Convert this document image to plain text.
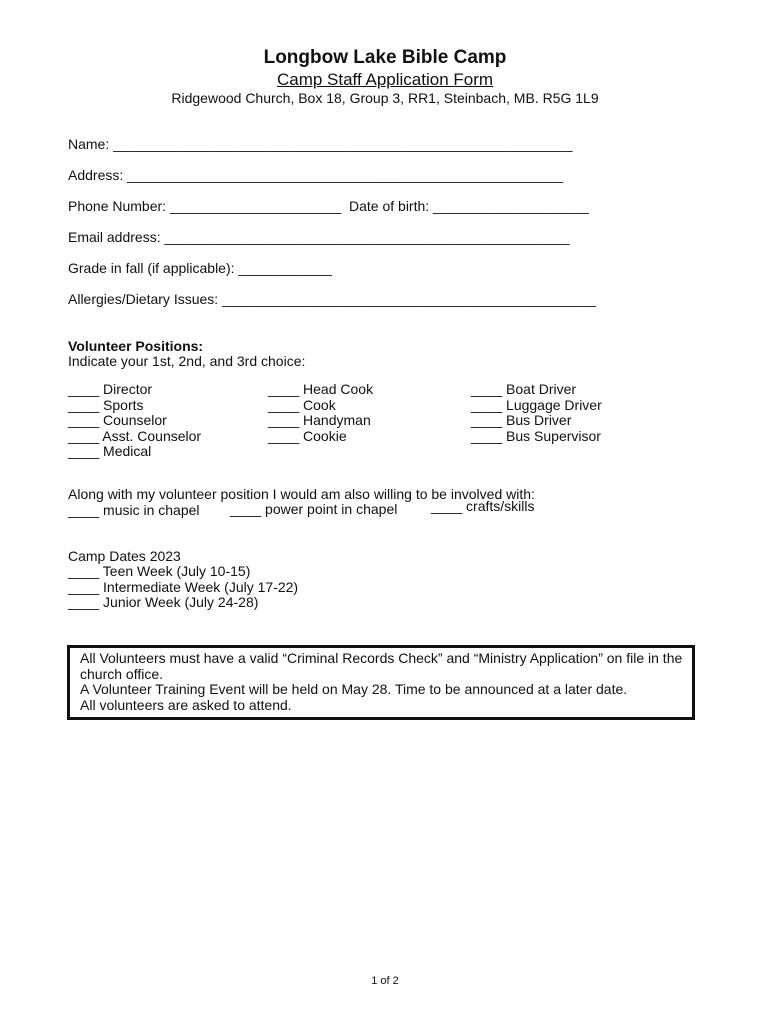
Longbow Lake Bible Camp
Camp Staff Application Form
Ridgewood Church, Box 18, Group 3, RR1, Steinbach, MB. R5G 1L9
Name: ___________________________________________________________
Address: ________________________________________________________
Phone Number: ______________________ Date of birth: ____________________
Email address: ____________________________________________________
Grade in fall (if applicable): ____________
Allergies/Dietary Issues: ________________________________________________
Volunteer Positions:
Indicate your 1st, 2nd, and 3rd choice:
____ Director
____ Sports
____ Counselor
____ Asst. Counselor
____ Medical
____ Head Cook
____ Cook
____ Handyman
____ Cookie
____ Boat Driver
____ Luggage Driver
____ Bus Driver
____ Bus Supervisor
Along with my volunteer position I would am also willing to be involved with:
____ music in chapel ____ power point in chapel ____ crafts/skills
Camp Dates 2023
____ Teen Week (July 10-15)
____ Intermediate Week (July 17-22)
____ Junior Week (July 24-28)
All Volunteers must have a valid “Criminal Records Check” and “Ministry Application” on file in the church office.
A Volunteer Training Event will be held on May 28. Time to be announced at a later date.
All volunteers are asked to attend.
1 of 2
